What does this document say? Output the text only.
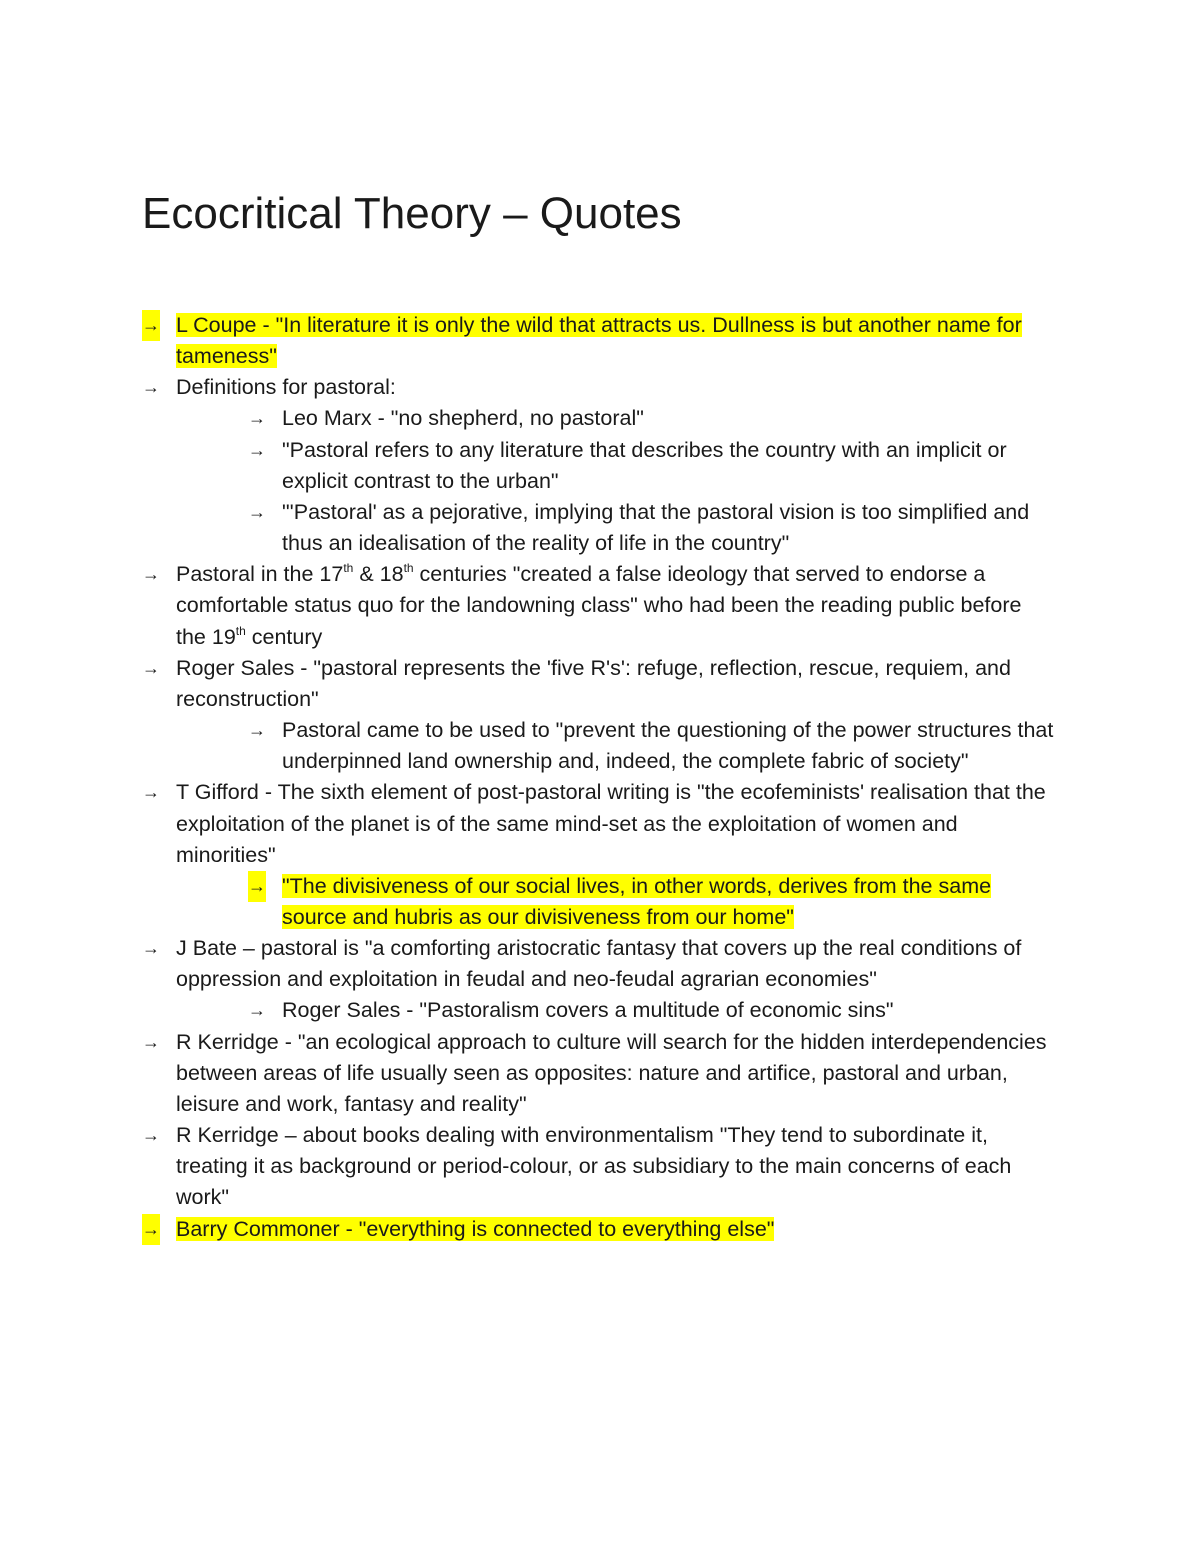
Ecocritical Theory – Quotes
→ L Coupe - "In literature it is only the wild that attracts us. Dullness is but another name for tameness"
→ Definitions for pastoral:
→ Leo Marx - "no shepherd, no pastoral"
→ "Pastoral refers to any literature that describes the country with an implicit or explicit contrast to the urban"
→ "'Pastoral' as a pejorative, implying that the pastoral vision is too simplified and thus an idealisation of the reality of life in the country"
→ Pastoral in the 17th & 18th centuries "created a false ideology that served to endorse a comfortable status quo for the landowning class" who had been the reading public before the 19th century
→ Roger Sales - "pastoral represents the 'five R's': refuge, reflection, rescue, requiem, and reconstruction"
→ Pastoral came to be used to "prevent the questioning of the power structures that underpinned land ownership and, indeed, the complete fabric of society"
→ T Gifford - The sixth element of post-pastoral writing is "the ecofeminists' realisation that the exploitation of the planet is of the same mind-set as the exploitation of women and minorities"
→ "The divisiveness of our social lives, in other words, derives from the same source and hubris as our divisiveness from our home"
→ J Bate – pastoral is "a comforting aristocratic fantasy that covers up the real conditions of oppression and exploitation in feudal and neo-feudal agrarian economies"
→ Roger Sales - "Pastoralism covers a multitude of economic sins"
→ R Kerridge - "an ecological approach to culture will search for the hidden interdependencies between areas of life usually seen as opposites: nature and artifice, pastoral and urban, leisure and work, fantasy and reality"
→ R Kerridge – about books dealing with environmentalism "They tend to subordinate it, treating it as background or period-colour, or as subsidiary to the main concerns of each work"
→ Barry Commoner - "everything is connected to everything else"
